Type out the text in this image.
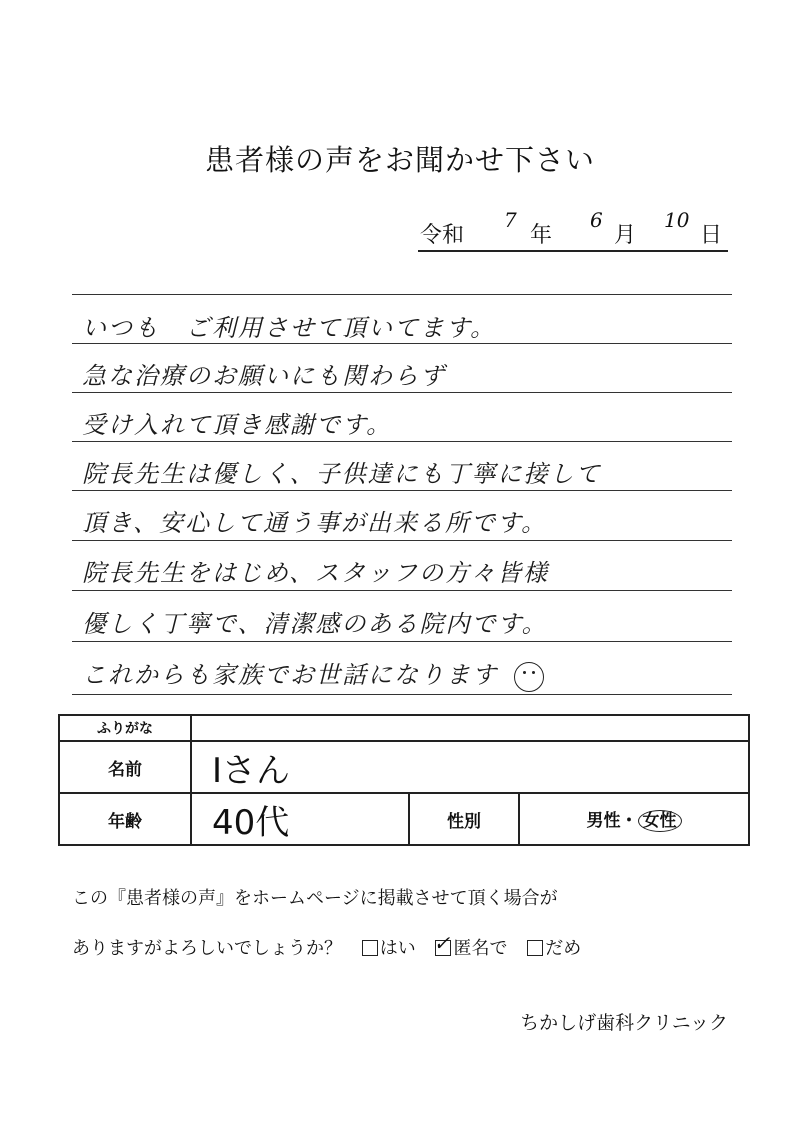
患者様の声をお聞かせ下さい
令和
7
年
6
月
10
日
いつも　ご利用させて頂いてます。
急な治療のお願いにも関わらず
受け入れて頂き感謝です。
院長先生は優しく、子供達にも丁寧に接して
頂き、安心して通う事が出来る所です。
院長先生をはじめ、スタッフの方々皆様
優しく丁寧で、清潔感のある院内です。
これからも家族でお世話になります
ふりがな			
名前	Iさん		
年齢	40代	性別	男性・ 女性
この『患者様の声』をホームページに掲載させて頂く場合が
ありますがよろしいでしょうか？ はい ✓ 匿名で だめ
ちかしげ歯科クリニック
